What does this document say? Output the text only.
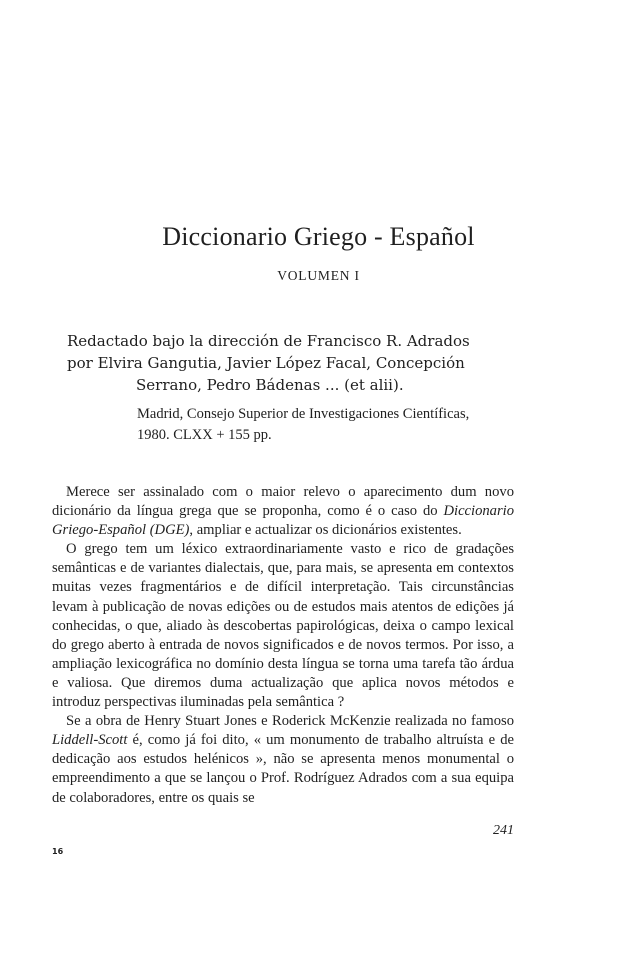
Diccionario Griego - Español
VOLUMEN I
Redactado bajo la dirección de Francisco R. Adrados
por Elvira Gangutia, Javier López Facal, Concepción
Serrano, Pedro Bádenas ... (et alii).
Madrid, Consejo Superior de Investigaciones Científicas,
1980. CLXX + 155 pp.

Merece ser assinalado com o maior relevo o aparecimento dum novo dicionário da língua grega que se proponha, como é o caso do Diccionario Griego-Español (DGE), ampliar e actualizar os dicionários existentes.

O grego tem um léxico extraordinariamente vasto e rico de gradações semânticas e de variantes dialectais, que, para mais, se apresenta em contextos muitas vezes fragmentários e de difícil interpretação. Tais circunstâncias levam à publicação de novas edições ou de estudos mais atentos de edições já conhecidas, o que, aliado às descobertas papirológicas, deixa o campo lexical do grego aberto à entrada de novos significados e de novos termos. Por isso, a ampliação lexicográfica no domínio desta língua se torna uma tarefa tão árdua e valiosa. Que diremos duma actualização que aplica novos métodos e introduz perspectivas iluminadas pela semântica ?

Se a obra de Henry Stuart Jones e Roderick McKenzie realizada no famoso Liddell-Scott é, como já foi dito, « um monumento de trabalho altruísta e de dedicação aos estudos helénicos », não se apresenta menos monumental o empreendimento a que se lançou o Prof. Rodríguez Adrados com a sua equipa de colaboradores, entre os quais se

241
16
